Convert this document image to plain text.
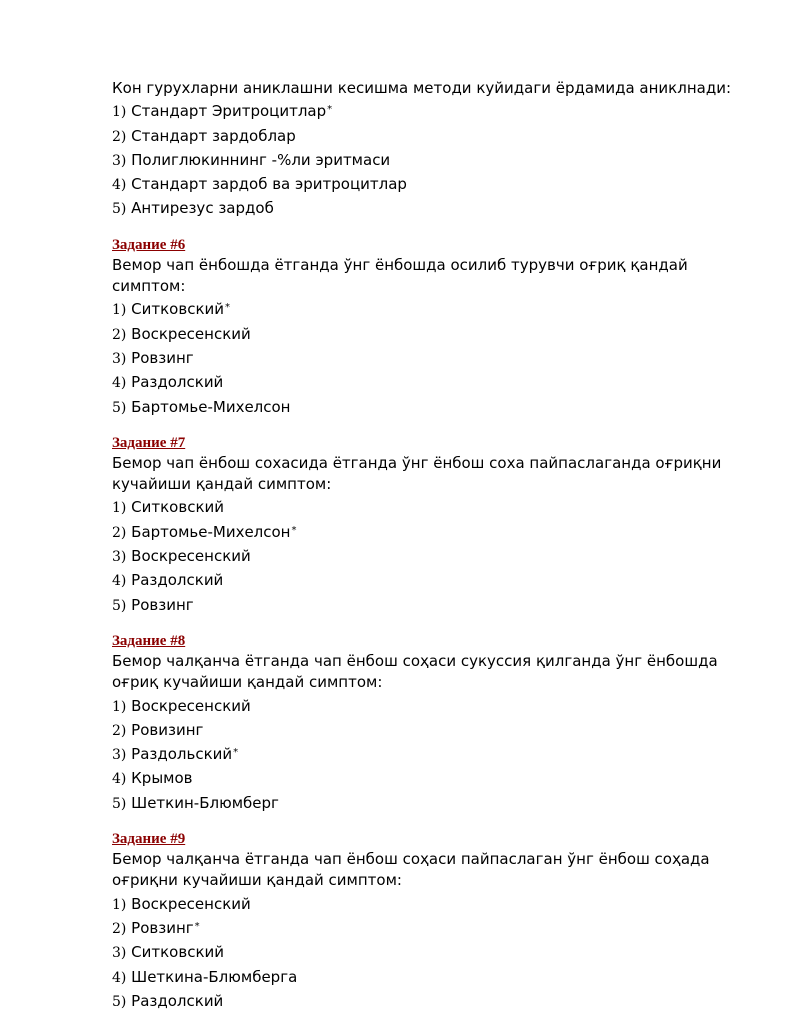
Кон гурухларни аниклашни кесишма методи куйидаги ёрдамида аниклнади:
1) Стандарт Эритроцитлар*
2) Стандарт зардоблар
3) Полиглюкиннинг -%ли эритмаси
4) Стандарт зардоб ва эритроцитлар
5) Антирезус зардоб
Задание #6
Bемор чап ёнбошда ётганда ўнг ёнбошда осилиб турувчи оғриқ қандай симптом:
1) Ситковский*
2) Воскресенский
3) Ровзинг
4) Раздолский
5) Бартомье-Михелсон
Задание #7
Бемор чап ёнбош сохасида ётганда ўнг ёнбош соха пайпаслаганда оғриқни кучайиши қандай симптом:
1) Ситковский
2) Бартомье-Михелсон*
3) Воскресенский
4) Раздолский
5) Ровзинг
Задание #8
Бемор чалқанча ётганда чап ёнбош соҳаси сукуссия қилганда ўнг ёнбошда оғриқ кучайиши қандай симптом:
1) Воскресенский
2) Ровизинг
3) Раздольский*
4) Крымов
5) Шеткин-Блюмберг
Задание #9
Бемор чалқанча ётганда чап ёнбош соҳаси пайпаслаган ўнг ёнбош соҳада оғриқни кучайиши қандай симптом:
1) Воскресенский
2) Ровзинг*
3) Ситковский
4) Шеткина-Блюмберга
5) Раздолский
